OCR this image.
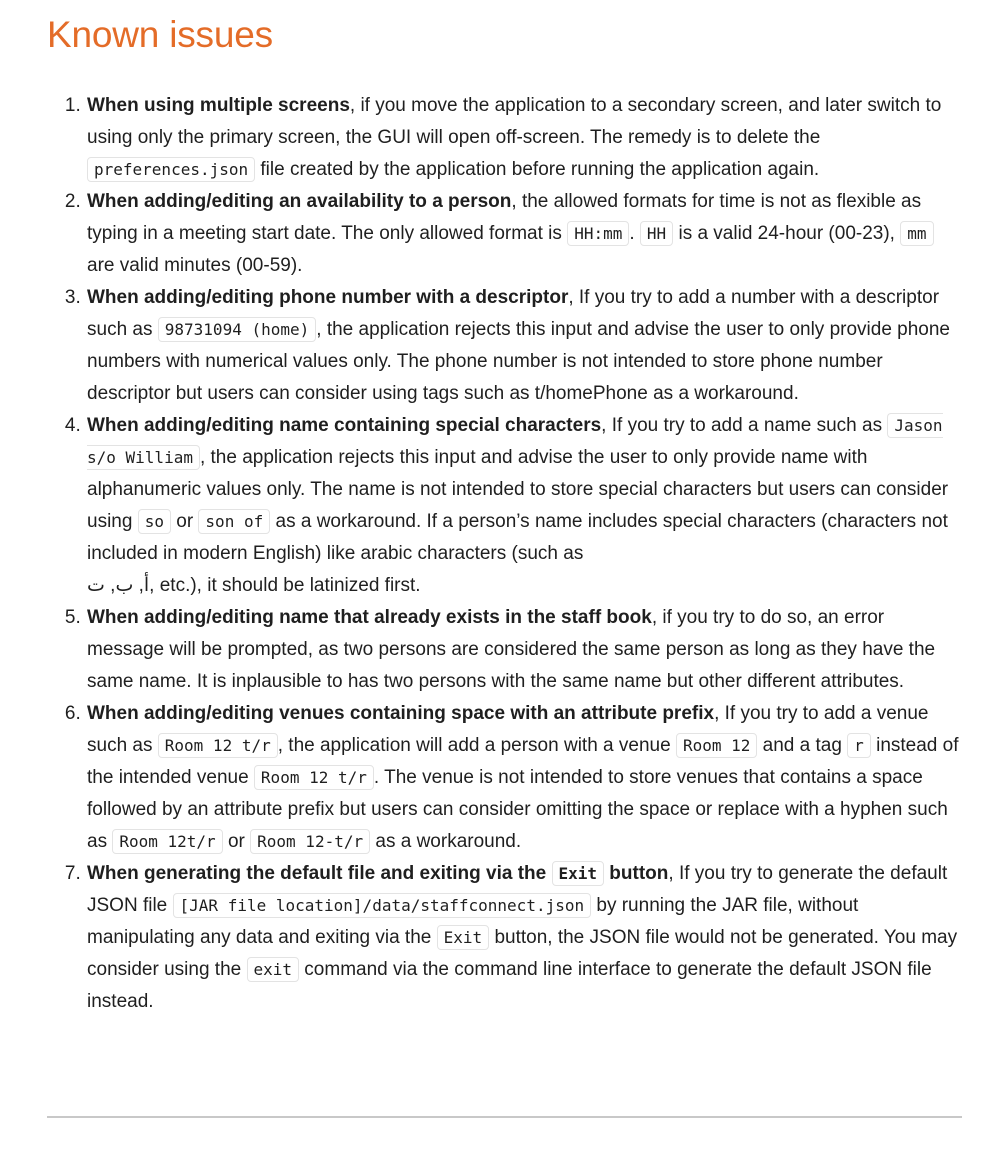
Known issues
1. When using multiple screens, if you move the application to a secondary screen, and later switch to using only the primary screen, the GUI will open off-screen. The remedy is to delete the preferences.json file created by the application before running the application again.
2. When adding/editing an availability to a person, the allowed formats for time is not as flexible as typing in a meeting start date. The only allowed format is HH:mm . HH is a valid 24-hour (00-23), mm are valid minutes (00-59).
3. When adding/editing phone number with a descriptor, If you try to add a number with a descriptor such as 98731094 (home) , the application rejects this input and advise the user to only provide phone numbers with numerical values only. The phone number is not intended to store phone number descriptor but users can consider using tags such as t/homePhone as a workaround.
4. When adding/editing name containing special characters, If you try to add a name such as Jason s/o William , the application rejects this input and advise the user to only provide name with alphanumeric values only. The name is not intended to store special characters but users can consider using so or son of as a workaround. If a person’s name includes special characters (characters not included in modern English) like arabic characters (such as
أ, ب, ت, etc.), it should be latinized first.
5. When adding/editing name that already exists in the staff book, if you try to do so, an error message will be prompted, as two persons are considered the same person as long as they have the same name. It is inplausible to has two persons with the same name but other different attributes.
6. When adding/editing venues containing space with an attribute prefix, If you try to add a venue such as Room 12 t/r , the application will add a person with a venue Room 12 and a tag r instead of the intended venue Room 12 t/r . The venue is not intended to store venues that contains a space followed by an attribute prefix but users can consider omitting the space or replace with a hyphen such as Room 12t/r or Room 12-t/r as a workaround.
7. When generating the default file and exiting via the Exit button, If you try to generate the default JSON file [JAR file location]/data/staffconnect.json by running the JAR file, without manipulating any data and exiting via the Exit button, the JSON file would not be generated. You may consider using the exit command via the command line interface to generate the default JSON file instead.
